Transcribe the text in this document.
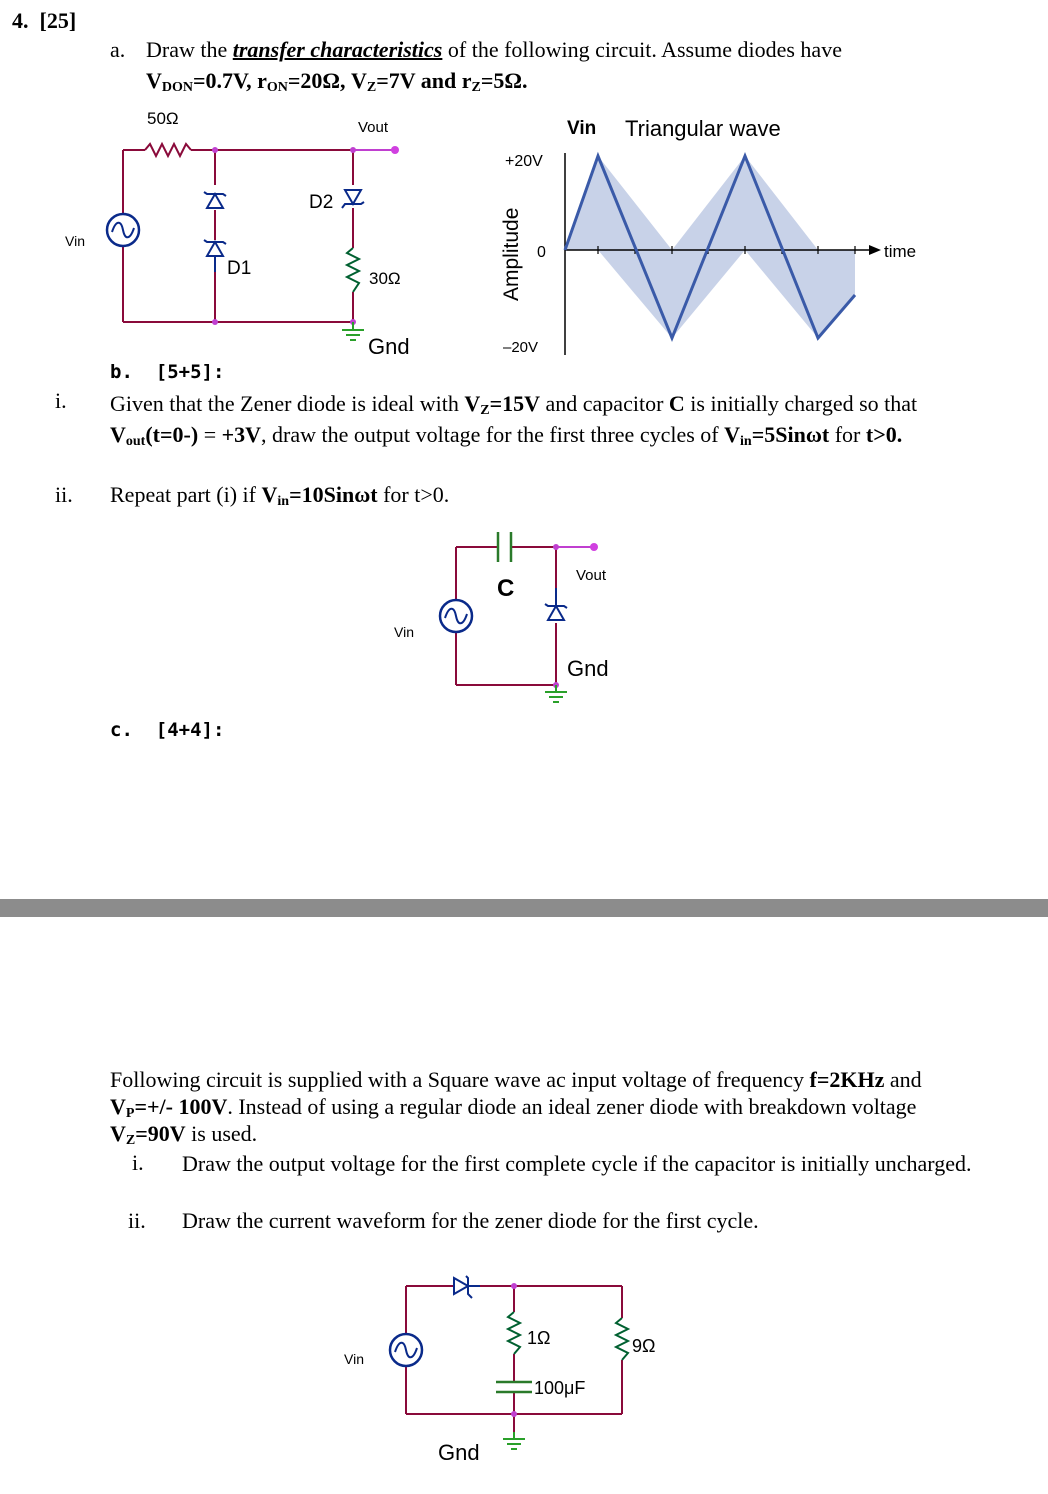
4. [25]
a. Draw the transfer characteristics of the following circuit. Assume diodes have
$V_{DON}=0.7V$, $r_{ON}=20\Omega$, $V_Z=7V$ and $r_Z=5\Omega$.
50Ω	Vout
Vin
D2
D1	30Ω
Gnd
Vin Triangular wave
+20V
0
–20V
Amplitude	time
b. [5+5]:
i. Given that the Zener diode is ideal with $V_Z=15V$ and capacitor C is initially charged so that $V_{out}(t=0-) = +3V$, draw the output voltage for the first three cycles of $V_{in}=5Sin\omega t$ for t>0.
ii. Repeat part (i) if $V_{in}=10Sin\omega t$ for t>0.
C	Vout
Vin
Gnd
c. [4+4]:
Following circuit is supplied with a Square wave ac input voltage of frequency f=2KHz and $V_P=+/-$ 100V. Instead of using a regular diode an ideal zener diode with breakdown voltage $V_Z=90V$ is used.
i. Draw the output voltage for the first complete cycle if the capacitor is initially uncharged.
ii. Draw the current waveform for the zener diode for the first cycle.
Vin
1Ω	9Ω
100μF
Gnd
